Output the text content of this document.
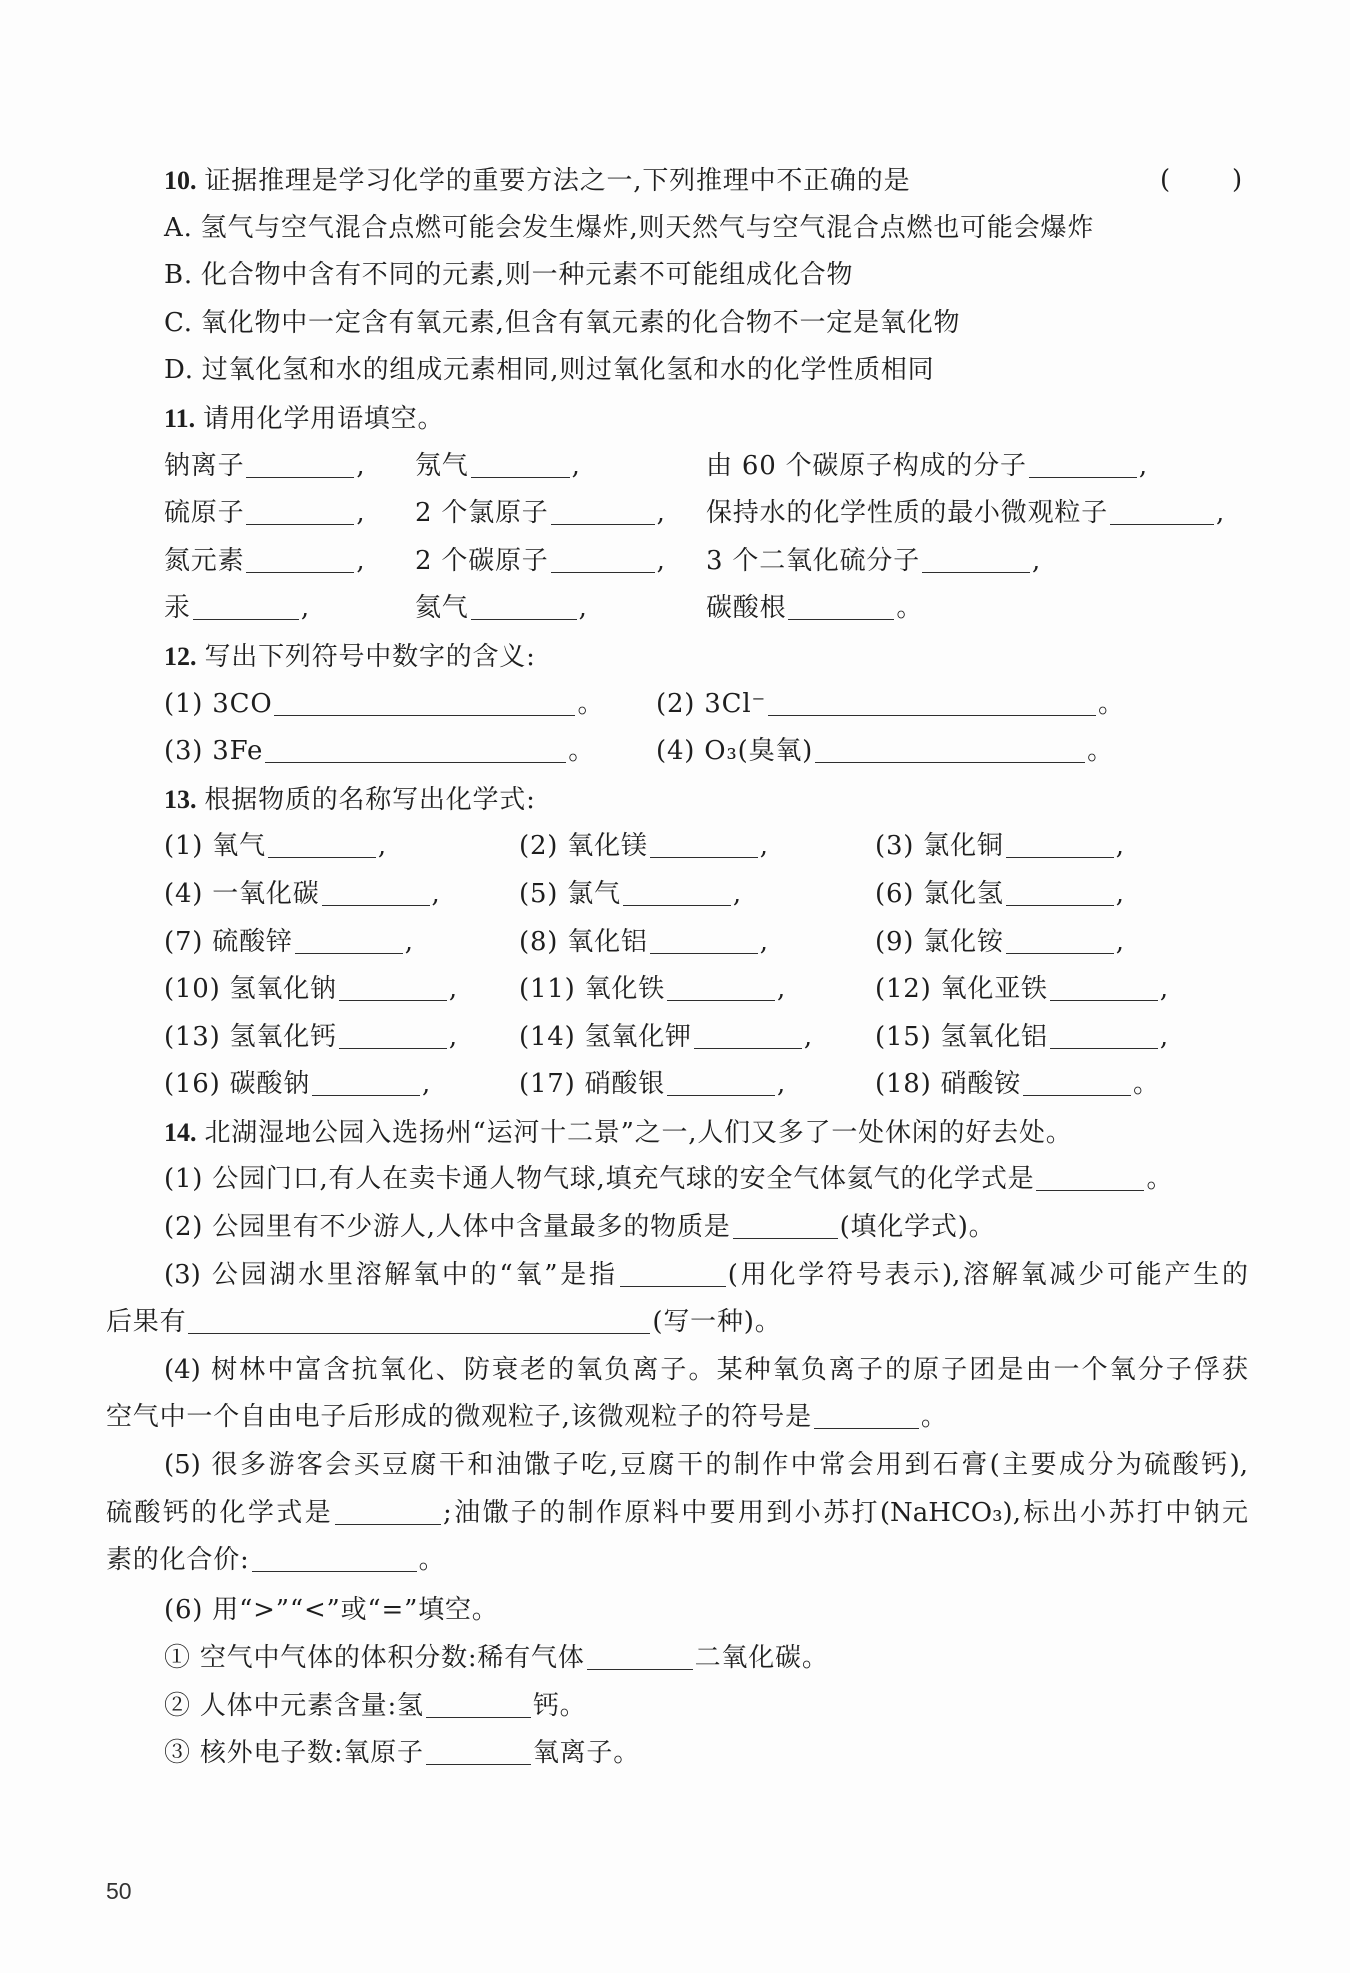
10. 证据推理是学习化学的重要方法之一,下列推理中不正确的是	( )
A. 氢气与空气混合点燃可能会发生爆炸,则天然气与空气混合点燃也可能会爆炸
B. 化合物中含有不同的元素,则一种元素不可能组成化合物
C. 氧化物中一定含有氧元素,但含有氧元素的化合物不一定是氧化物
D. 过氧化氢和水的组成元素相同,则过氧化氢和水的化学性质相同
11. 请用化学用语填空。
钠离子	, 氖气	,	由 60 个碳原子构成的分子	,
硫原子	, 2 个氯原子	, 保持水的化学性质的最小微观粒子	,
氮元素	, 2 个碳原子	, 3 个二氧化硫分子	,
汞	,	氦气	,	碳酸根	。
12. 写出下列符号中数字的含义:
(1) 3CO	。 (2) 3Cl⁻	。
(3) 3Fe	。 (4) O₃(臭氧)	。
13. 根据物质的名称写出化学式:
(1) 氧气	,	(2) 氧化镁	,	(3) 氯化铜	,
(4) 一氧化碳	,	(5) 氯气	,	(6) 氯化氢	,
(7) 硫酸锌	,	(8) 氧化铝	,	(9) 氯化铵	,
(10) 氢氧化钠	, (11) 氧化铁	,	(12) 氧化亚铁	,
(13) 氢氧化钙	, (14) 氢氧化钾	, (15) 氢氧化铝	,
(16) 碳酸钠	,	(17) 硝酸银	,	(18) 硝酸铵	。
14. 北湖湿地公园入选扬州“运河十二景”之一,人们又多了一处休闲的好去处。
(1) 公园门口,有人在卖卡通人物气球,填充气球的安全气体氦气的化学式是	。
(2) 公园里有不少游人,人体中含量最多的物质是	(填化学式)。
(3) 公园湖水里溶解氧中的“氧”是指	(用化学符号表示),溶解氧减少可能产生的
后果有	(写一种)。
(4) 树林中富含抗氧化、防衰老的氧负离子。某种氧负离子的原子团是由一个氧分子俘获
空气中一个自由电子后形成的微观粒子,该微观粒子的符号是	。
(5) 很多游客会买豆腐干和油馓子吃,豆腐干的制作中常会用到石膏(主要成分为硫酸钙),
硫酸钙的化学式是	;油馓子的制作原料中要用到小苏打(NaHCO₃),标出小苏打中钠元
素的化合价:	。
(6) 用“>”“<”或“=”填空。
① 空气中气体的体积分数:稀有气体	二氧化碳。
② 人体中元素含量:氢	钙。
③ 核外电子数:氧原子	氧离子。
50
